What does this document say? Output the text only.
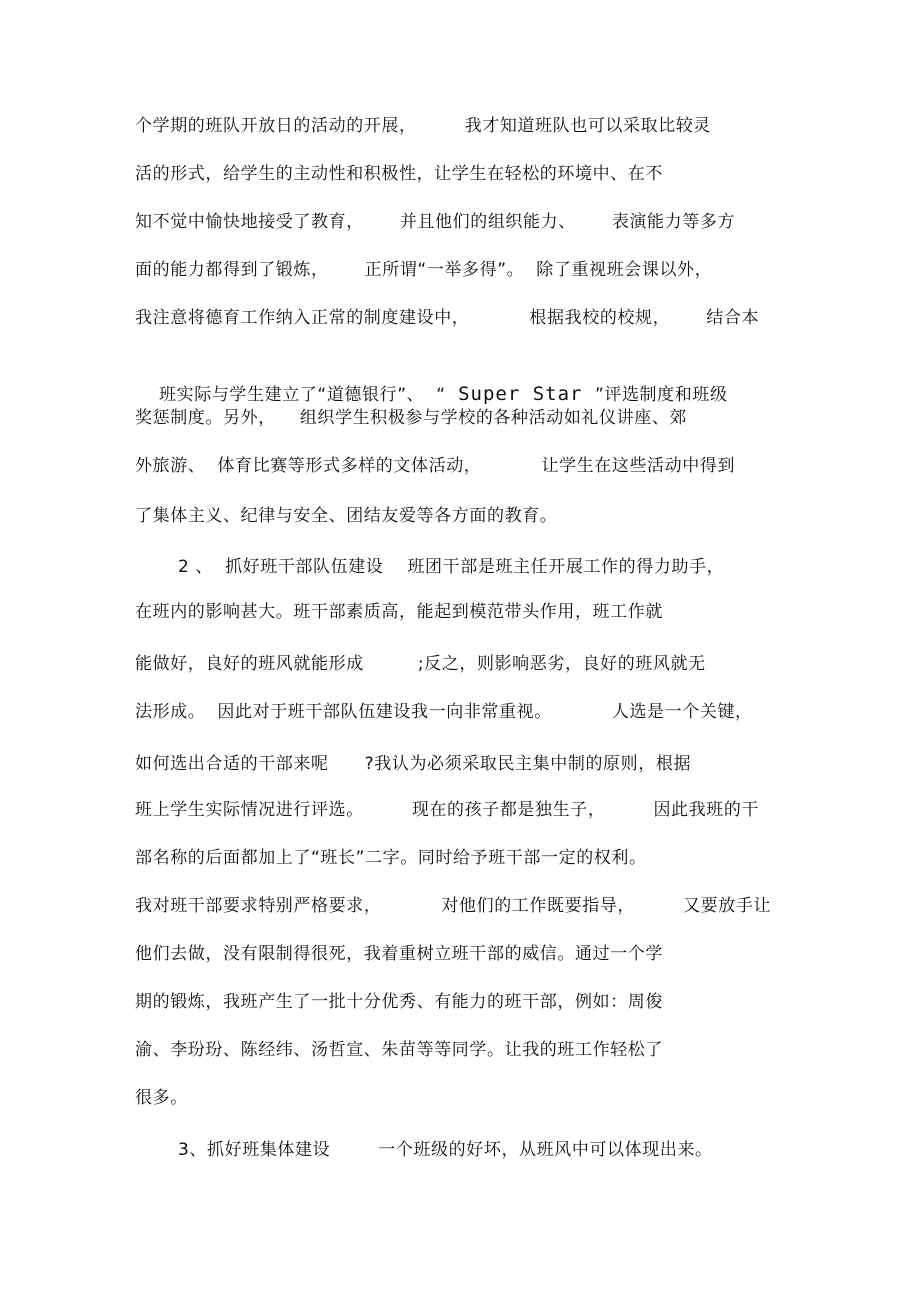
个学期的班队开放日的活动的开展，        我才知道班队也可以采取比较灵
活的形式，给学生的主动性和积极性，让学生在轻松的环境中、在不
知不觉中愉快地接受了教育，      并且他们的组织能力、      表演能力等多方
面的能力都得到了锻炼，      正所谓“一举多得”。  除了重视班会课以外，
我注意将德育工作纳入正常的制度建设中，          根据我校的校规，      结合本

班实际与学生建立了“道德银行”、  “ Super Star ”评选制度和班级

奖惩制度。另外，    组织学生积极参与学校的各种活动如礼仪讲座、郊
外旅游、  体育比赛等形式多样的文体活动，          让学生在这些活动中得到
了集体主义、纪律与安全、团结友爱等各方面的教育。
2 、  抓好班干部队伍建设    班团干部是班主任开展工作的得力助手，
在班内的影响甚大。班干部素质高，能起到模范带头作用，班工作就
能做好，良好的班风就能形成         ;反之，则影响恶劣，良好的班风就无
法形成。  因此对于班干部队伍建设我一向非常重视。          人选是一个关键，
如何选出合适的干部来呢      ?我认为必须采取民主集中制的原则，根据
班上学生实际情况进行评选。        现在的孩子都是独生子，        因此我班的干
部名称的后面都加上了“班长”二字。同时给予班干部一定的权利。
我对班干部要求特别严格要求，          对他们的工作既要指导，        又要放手让
他们去做，没有限制得很死，我着重树立班干部的威信。通过一个学
期的锻炼，我班产生了一批十分优秀、有能力的班干部，例如：周俊
渝、李玢玢、陈经纬、汤哲宣、朱苗等等同学。让我的班工作轻松了
很多。
3、抓好班集体建设        一个班级的好坏，从班风中可以体现出来。
